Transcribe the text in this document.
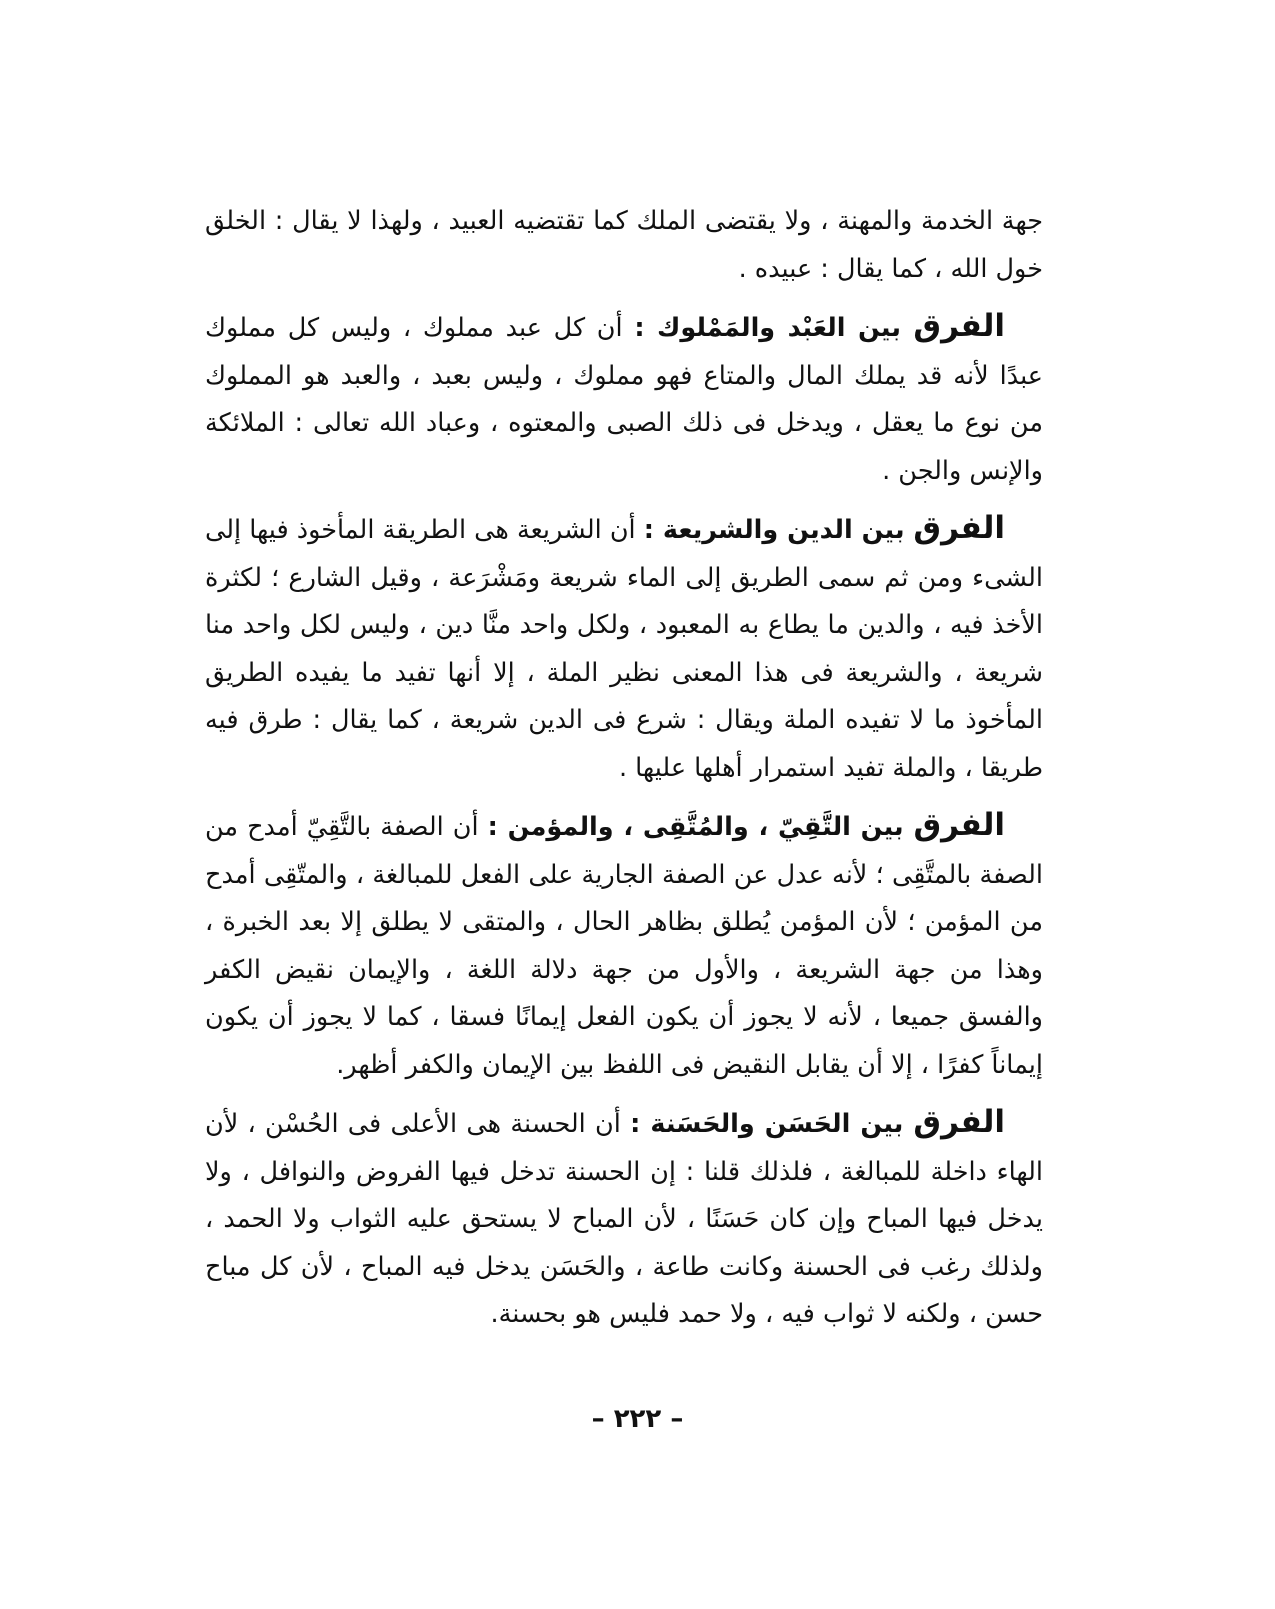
جهة الخدمة والمهنة ، ولا يقتضى الملك كما تقتضيه العبيد ، ولهذا لا يقال : الخلق خول الله ، كما يقال : عبيده .

الفرق بين العَبْد والمَمْلوك : أن كل عبد مملوك ، وليس كل مملوك عبدًا لأنه قد يملك المال والمتاع فهو مملوك ، وليس بعبد ، والعبد هو المملوك من نوع ما يعقل ، ويدخل فى ذلك الصبى والمعتوه ، وعباد الله تعالى : الملائكة والإنس والجن .

الفرق بين الدين والشريعة : أن الشريعة هى الطريقة المأخوذ فيها إلى الشىء ومن ثم سمى الطريق إلى الماء شريعة ومَشْرَعة ، وقيل الشارع ؛ لكثرة الأخذ فيه ، والدين ما يطاع به المعبود ، ولكل واحد منَّا دين ، وليس لكل واحد منا شريعة ، والشريعة فى هذا المعنى نظير الملة ، إلا أنها تفيد ما يفيده الطريق المأخوذ ما لا تفيده الملة ويقال : شرع فى الدين شريعة ، كما يقال : طرق فيه طريقا ، والملة تفيد استمرار أهلها عليها .

الفرق بين التَّقِيّ ، والمُتَّقِى ، والمؤمن : أن الصفة بالتَّقِيّ أمدح من الصفة بالمتَّقِى ؛ لأنه عدل عن الصفة الجارية على الفعل للمبالغة ، والمتّقِى أمدح من المؤمن ؛ لأن المؤمن يُطلق بظاهر الحال ، والمتقى لا يطلق إلا بعد الخبرة ، وهذا من جهة الشريعة ، والأول من جهة دلالة اللغة ، والإيمان نقيض الكفر والفسق جميعا ، لأنه لا يجوز أن يكون الفعل إيمانًا فسقا ، كما لا يجوز أن يكون إيماناً كفرًا ، إلا أن يقابل النقيض فى اللفظ بين الإيمان والكفر أظهر.

الفرق بين الحَسَن والحَسَنة : أن الحسنة هى الأعلى فى الحُسْن ، لأن الهاء داخلة للمبالغة ، فلذلك قلنا : إن الحسنة تدخل فيها الفروض والنوافل ، ولا يدخل فيها المباح وإن كان حَسَنًا ، لأن المباح لا يستحق عليه الثواب ولا الحمد ، ولذلك رغب فى الحسنة وكانت طاعة ، والحَسَن يدخل فيه المباح ، لأن كل مباح حسن ، ولكنه لا ثواب فيه ، ولا حمد فليس هو بحسنة.

– ٢٢٢ –
